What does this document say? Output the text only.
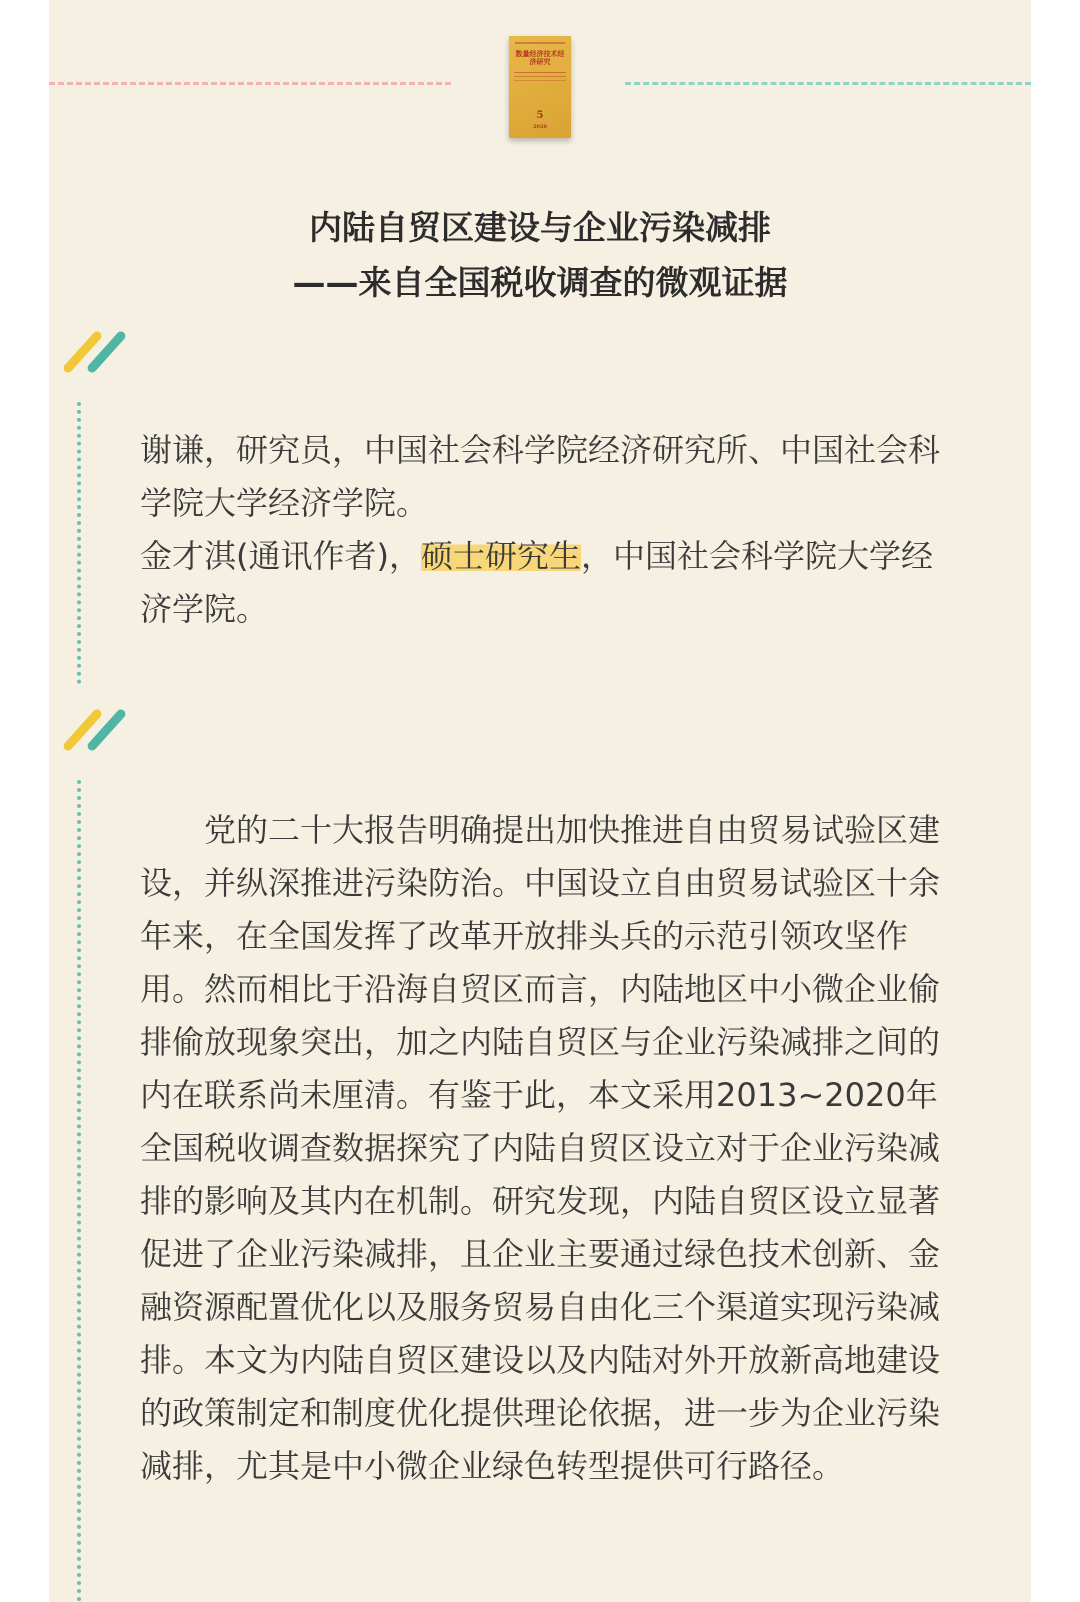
数量经济技术经济研究
5
2020
内陆自贸区建设与企业污染减排
——来自全国税收调查的微观证据

谢谦，研究员，中国社会科学院经济研究所、中国社会科学院大学经济学院。

金才淇(通讯作者)，硕士研究生，中国社会科学院大学经济学院。

党的二十大报告明确提出加快推进自由贸易试验区建设，并纵深推进污染防治。中国设立自由贸易试验区十余年来，在全国发挥了改革开放排头兵的示范引领攻坚作用。然而相比于沿海自贸区而言，内陆地区中小微企业偷排偷放现象突出，加之内陆自贸区与企业污染减排之间的内在联系尚未厘清。有鉴于此，本文采用2013~2020年全国税收调查数据探究了内陆自贸区设立对于企业污染减排的影响及其内在机制。研究发现，内陆自贸区设立显著促进了企业污染减排，且企业主要通过绿色技术创新、金融资源配置优化以及服务贸易自由化三个渠道实现污染减排。本文为内陆自贸区建设以及内陆对外开放新高地建设的政策制定和制度优化提供理论依据，进一步为企业污染减排，尤其是中小微企业绿色转型提供可行路径。
